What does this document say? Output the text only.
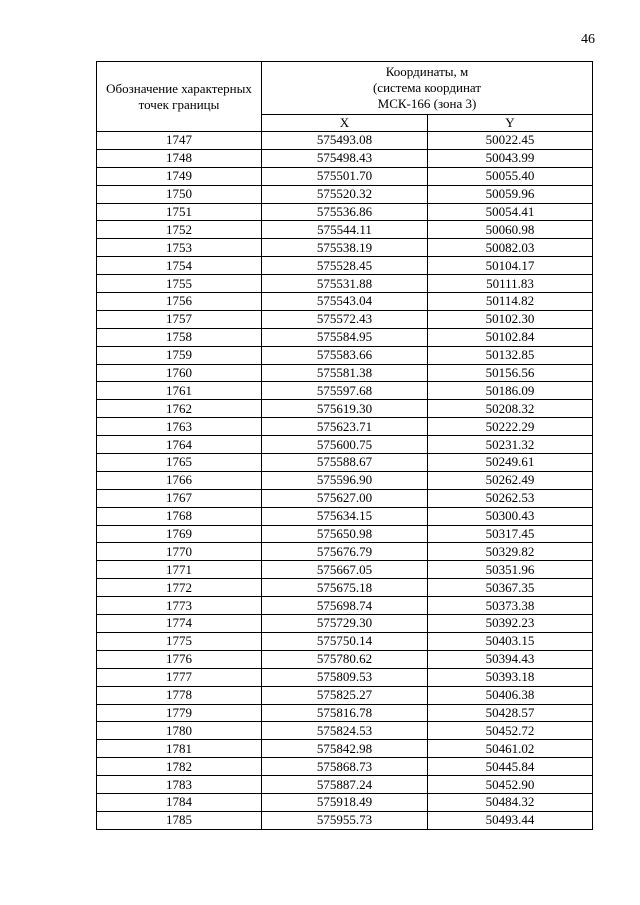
46
Обозначение характерных точек границы	Координаты, м
(система координат
МСК-166 (зона 3)	

	X	Y
1747	575493.08	50022.45
1748	575498.43	50043.99
1749	575501.70	50055.40
1750	575520.32	50059.96
1751	575536.86	50054.41
1752	575544.11	50060.98
1753	575538.19	50082.03
1754	575528.45	50104.17
1755	575531.88	50111.83
1756	575543.04	50114.82
1757	575572.43	50102.30
1758	575584.95	50102.84
1759	575583.66	50132.85
1760	575581.38	50156.56
1761	575597.68	50186.09
1762	575619.30	50208.32
1763	575623.71	50222.29
1764	575600.75	50231.32
1765	575588.67	50249.61
1766	575596.90	50262.49
1767	575627.00	50262.53
1768	575634.15	50300.43
1769	575650.98	50317.45
1770	575676.79	50329.82
1771	575667.05	50351.96
1772	575675.18	50367.35
1773	575698.74	50373.38
1774	575729.30	50392.23
1775	575750.14	50403.15
1776	575780.62	50394.43
1777	575809.53	50393.18
1778	575825.27	50406.38
1779	575816.78	50428.57
1780	575824.53	50452.72
1781	575842.98	50461.02
1782	575868.73	50445.84
1783	575887.24	50452.90
1784	575918.49	50484.32
1785	575955.73	50493.44
